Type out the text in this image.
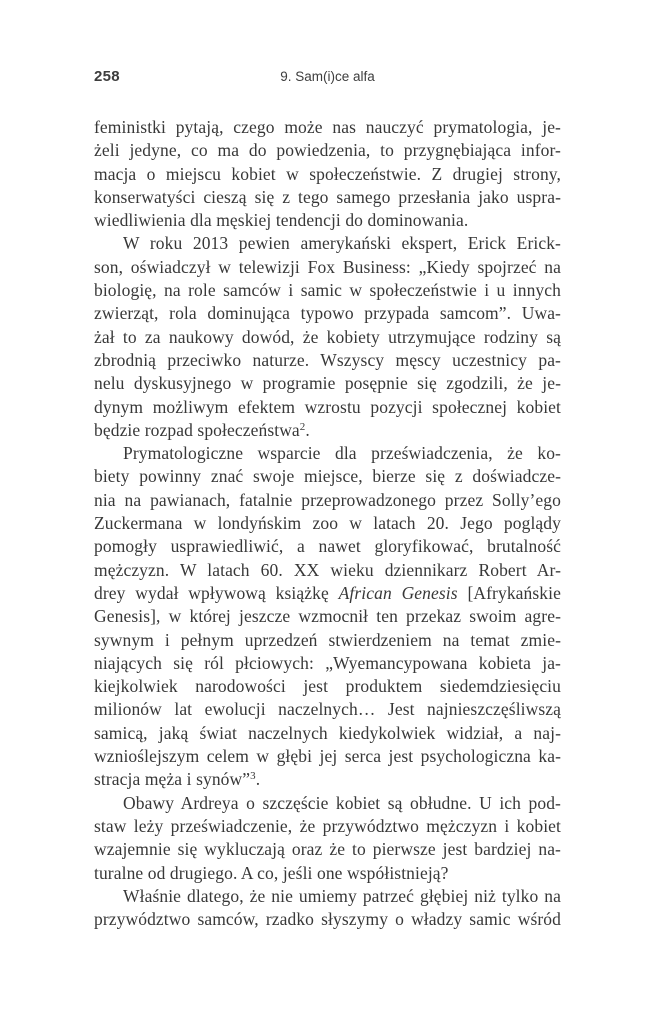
258	9. Sam(i)ce alfa
feministki pytają, czego może nas nauczyć prymatologia, je-
żeli jedyne, co ma do powiedzenia, to przygnębiająca infor-
macja o miejscu kobiet w społeczeństwie. Z drugiej strony,
konserwatyści cieszą się z tego samego przesłania jako uspra-
wiedliwienia dla męskiej tendencji do dominowania.
W roku 2013 pewien amerykański ekspert, Erick Erick-
son, oświadczył w telewizji Fox Business: „Kiedy spojrzeć na
biologię, na role samców i samic w społeczeństwie i u innych
zwierząt, rola dominująca typowo przypada samcom”. Uwa-
żał to za naukowy dowód, że kobiety utrzymujące rodziny są
zbrodnią przeciwko naturze. Wszyscy męscy uczestnicy pa-
nelu dyskusyjnego w programie posępnie się zgodzili, że je-
dynym możliwym efektem wzrostu pozycji społecznej kobiet
będzie rozpad społeczeństwa$^2$.
Prymatologiczne wsparcie dla przeświadczenia, że ko-
biety powinny znać swoje miejsce, bierze się z doświadcze-
nia na pawianach, fatalnie przeprowadzonego przez Solly’ego
Zuckermana w londyńskim zoo w latach 20. Jego poglądy
pomogły usprawiedliwić, a nawet gloryfikować, brutalność
mężczyzn. W latach 60. XX wieku dziennikarz Robert Ar-
drey wydał wpływową książkę African Genesis [Afrykańskie
Genesis], w której jeszcze wzmocnił ten przekaz swoim agre-
sywnym i pełnym uprzedzeń stwierdzeniem na temat zmie-
niających się ról płciowych: „Wyemancypowana kobieta ja-
kiejkolwiek narodowości jest produktem siedemdziesięciu
milionów lat ewolucji naczelnych… Jest najnieszczęśliwszą
samicą, jaką świat naczelnych kiedykolwiek widział, a naj-
wznioślejszym celem w głębi jej serca jest psychologiczna ka-
stracja męża i synów”$^3$.
Obawy Ardreya o szczęście kobiet są obłudne. U ich pod-
staw leży przeświadczenie, że przywództwo mężczyzn i kobiet
wzajemnie się wykluczają oraz że to pierwsze jest bardziej na-
turalne od drugiego. A co, jeśli one współistnieją?
Właśnie dlatego, że nie umiemy patrzeć głębiej niż tylko na
przywództwo samców, rzadko słyszymy o władzy samic wśród
